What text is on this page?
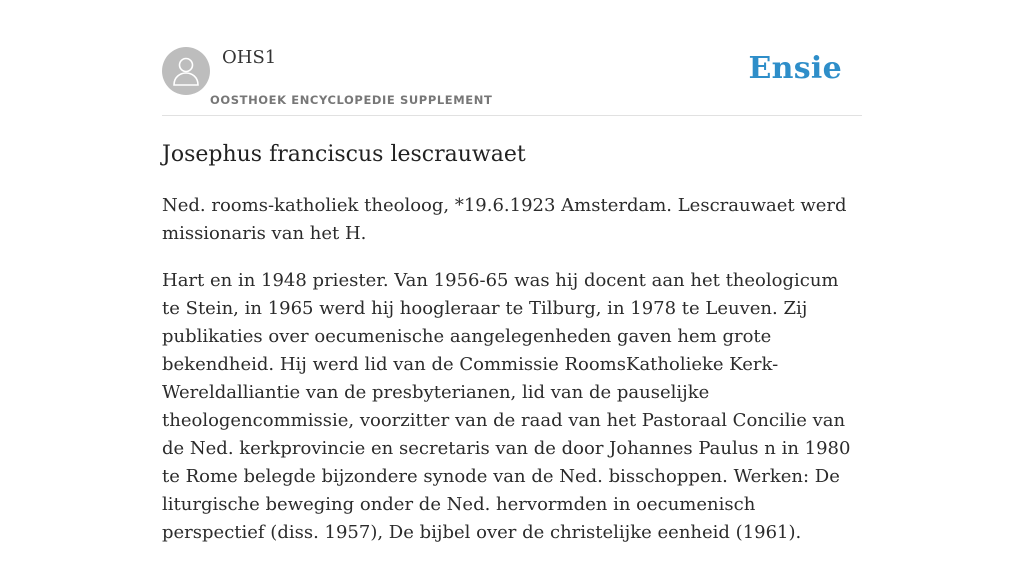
OHS1
OOSTHOEK ENCYCLOPEDIE SUPPLEMENT
Ensie
Josephus franciscus lescrauwaet

Ned. rooms-katholiek theoloog, *19.6.1923 Amsterdam. Lescrauwaet werd missionaris van het H.

Hart en in 1948 priester. Van 1956-65 was hij docent aan het theologicum te Stein, in 1965 werd hij hoogleraar te Tilburg, in 1978 te Leuven. Zij publikaties over oecumenische aangelegenheden gaven hem grote bekendheid. Hij werd lid van de Commissie RoomsKatholieke Kerk-Wereldalliantie van de presbyterianen, lid van de pauselijke theologencommissie, voorzitter van de raad van het Pastoraal Concilie van de Ned. kerkprovincie en secretaris van de door Johannes Paulus n in 1980 te Rome belegde bijzondere synode van de Ned. bisschoppen. Werken: De liturgische beweging onder de Ned. hervormden in oecumenisch perspectief (diss. 1957), De bijbel over de christelijke eenheid (1961).
